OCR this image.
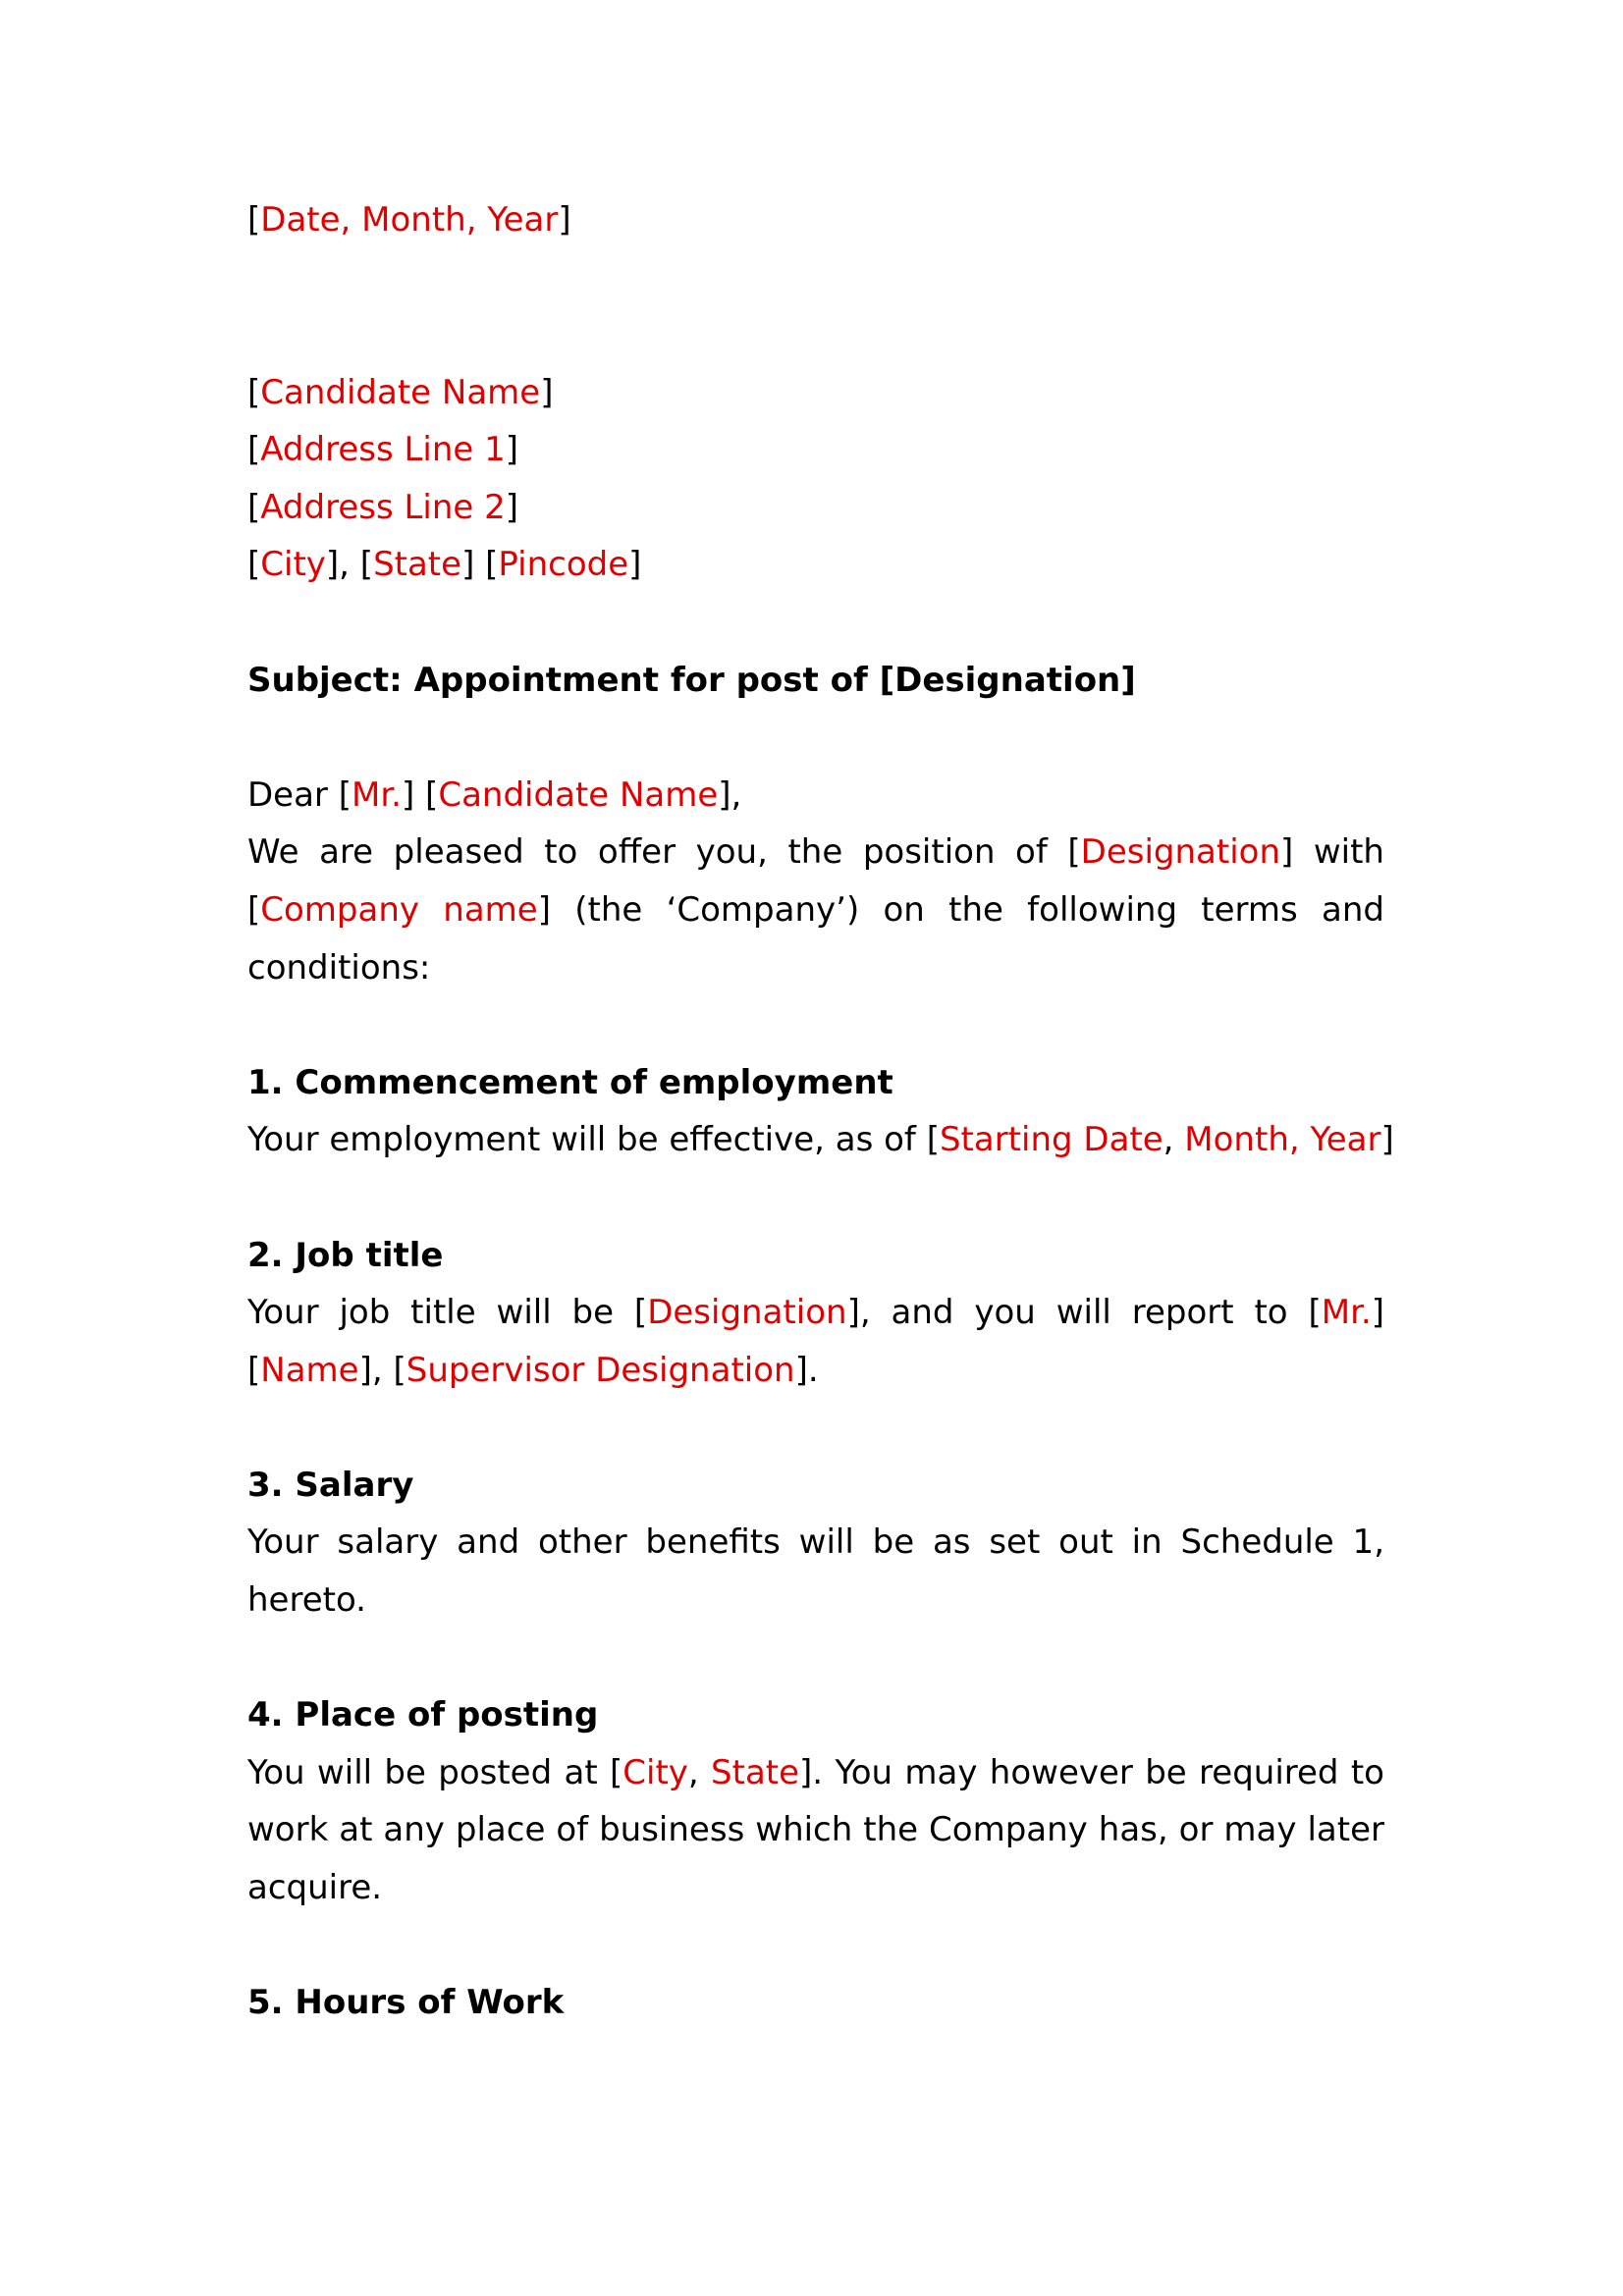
[Date, Month, Year]

[Candidate Name]

[Address Line 1]

[Address Line 2]

[City], [State] [Pincode]

Subject: Appointment for post of [Designation]

Dear [Mr.] [Candidate Name],

We are pleased to offer you, the position of [Designation] with [Company name] (the ‘Company’) on the following terms and conditions:

1. Commencement of employment

Your employment will be effective, as of [Starting Date, Month, Year]

2. Job title

Your job title will be [Designation], and you will report to [Mr.] [Name], [Supervisor Designation].

3. Salary

Your salary and other benefits will be as set out in Schedule 1, hereto.

4. Place of posting

You will be posted at [City, State]. You may however be required to work at any place of business which the Company has, or may later acquire.

5. Hours of Work
